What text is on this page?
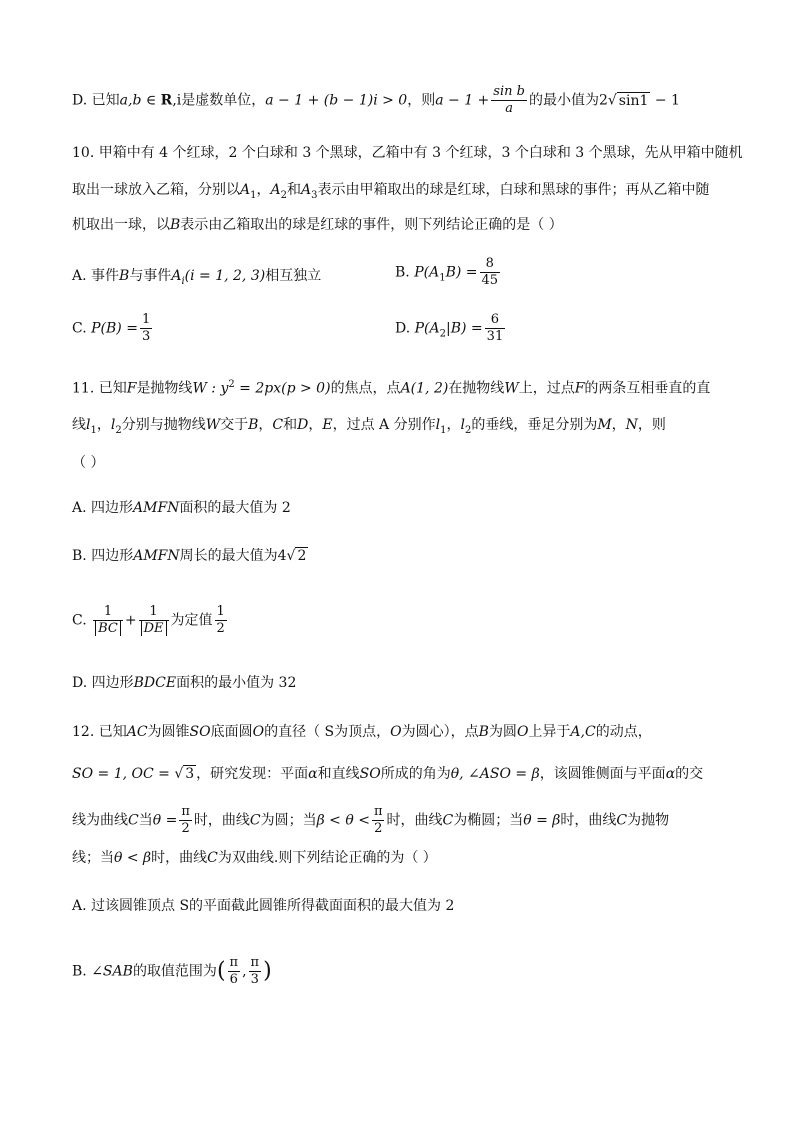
D. 已知a,b ∈ R,i是虚数单位，a − 1 + (b − 1)i > 0，则$a - 1 + \frac{\text{sin b}}{a}$ 的最小值为2√ sin1 − 1
10. 甲箱中有 4 个红球，2 个白球和 3 个黑球，乙箱中有 3 个红球，3 个白球和 3 个黑球，先从甲箱中随机
取出一球放入乙箱，分别以$A_1$，$A_2$和$A_3$表示由甲箱取出的球是红球，白球和黑球的事件；再从乙箱中随
机取出一球，以B表示由乙箱取出的球是红球的事件，则下列结论正确的是（ ）
A. 事件B与事件$A_i(i = 1$, 2, 3)相互独立	B. $P(A_1B) = \frac{8}{45}$
C. $P(B) = \frac{1}{3}$	D. $P(A_2|B) = \frac{6}{31}$
11. 已知F是抛物线W : $y^2 = 2px(p > 0)$的焦点，点A(1, 2)在抛物线W上，过点F的两条互相垂直的直
线$l_1$，$l_2$分别与抛物线W交于B，C和D，E，过点 A 分别作$l_1$，$l_2$的垂线，垂足分别为M，N，则
（ ）
A. 四边形AMFN面积的最大值为 2
B. 四边形AMFN周长的最大值为4√ 2
C. $\frac{1}{BC} + \frac{1}{DE}$ 为定值 $\frac{1}{2}$
D. 四边形BDCE面积的最小值为 32
12. 已知AC为圆锥SO底面圆O的直径（ S为顶点，O为圆心），点B为圆O上异于A,C的动点，
SO = 1, OC = √ 3 ，研究发现：平面α和直线SO所成的角为θ, ∠ASO = β，该圆锥侧面与平面α的交
线为曲线C当$\theta = \frac{\pi}{2}$ 时，曲线C为圆；当$\beta < \theta < \frac{\pi}{2}$ 时，曲线C为椭圆；当θ = β时，曲线C为抛物
线；当θ < β时，曲线C为双曲线.则下列结论正确的为（ ）
A. 过该圆锥顶点 S的平面截此圆锥所得截面面积的最大值为 2
B. ∠SAB的取值范围为( $\frac{\pi}{6}$ , $\frac{\pi}{3}$ )
